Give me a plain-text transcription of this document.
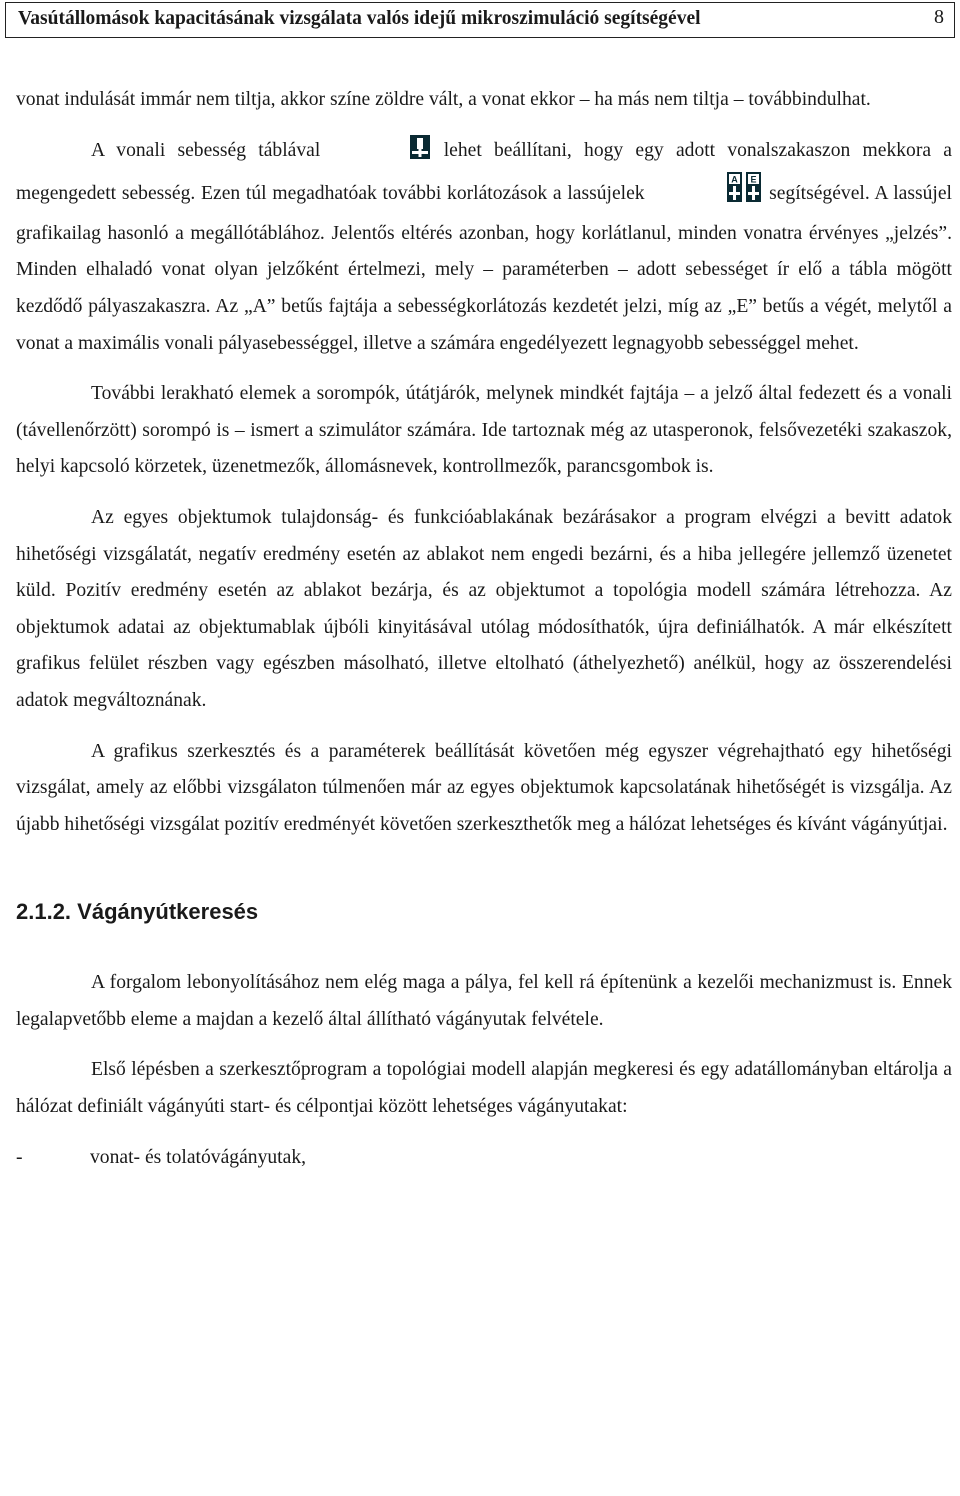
Vasútállomások kapacitásának vizsgálata valós idejű mikroszimuláció segítségével	8

vonat indulását immár nem tiltja, akkor színe zöldre vált, a vonat ekkor – ha más nem tiltja – továbbindulhat.

A vonali sebesség táblával	lehet beállítani, hogy egy adott vonalszakaszon mekkora a megengedett sebesség. Ezen túl megadhatóak további korlátozások a lassújelek
A E
segítségével. A lassújel grafikailag hasonló a megállótáblához. Jelentős eltérés azonban, hogy korlátlanul, minden vonatra érvényes „jelzés”. Minden elhaladó vonat olyan jelzőként értelmezi, mely – paraméterben – adott sebességet ír elő a tábla mögött kezdődő pályaszakaszra. Az „A” betűs fajtája a sebességkorlátozás kezdetét jelzi, míg az „E” betűs a végét, melytől a vonat a maximális vonali pályasebességgel, illetve a számára engedélyezett legnagyobb sebességgel mehet.

További lerakható elemek a sorompók, útátjárók, melynek mindkét fajtája – a jelző által fedezett és a vonali (távellenőrzött) sorompó is – ismert a szimulátor számára. Ide tartoznak még az utasperonok, felsővezetéki szakaszok, helyi kapcsoló körzetek, üzenetmezők, állomásnevek, kontrollmezők, parancsgombok is.

Az egyes objektumok tulajdonság- és funkcióablakának bezárásakor a program elvégzi a bevitt adatok hihetőségi vizsgálatát, negatív eredmény esetén az ablakot nem engedi bezárni, és a hiba jellegére jellemző üzenetet küld. Pozitív eredmény esetén az ablakot bezárja, és az objektumot a topológia modell számára létrehozza. Az objektumok adatai az objektumablak újbóli kinyitásával utólag módosíthatók, újra definiálhatók. A már elkészített grafikus felület részben vagy egészben másolható, illetve eltolható (áthelyezhető) anélkül, hogy az összerendelési adatok megváltoznának.

A grafikus szerkesztés és a paraméterek beállítását követően még egyszer végrehajtható egy hihetőségi vizsgálat, amely az előbbi vizsgálaton túlmenően már az egyes objektumok kapcsolatának hihetőségét is vizsgálja. Az újabb hihetőségi vizsgálat pozitív eredményét követően szerkeszthetők meg a hálózat lehetséges és kívánt vágányútjai.

2.1.2. Vágányútkeresés

A forgalom lebonyolításához nem elég maga a pálya, fel kell rá építenünk a kezelői mechanizmust is. Ennek legalapvetőbb eleme a majdan a kezelő által állítható vágányutak felvétele.

Első lépésben a szerkesztőprogram a topológiai modell alapján megkeresi és egy adatállományban eltárolja a hálózat definiált vágányúti start- és célpontjai között lehetséges vágányutakat:

-	vonat- és tolatóvágányutak,
